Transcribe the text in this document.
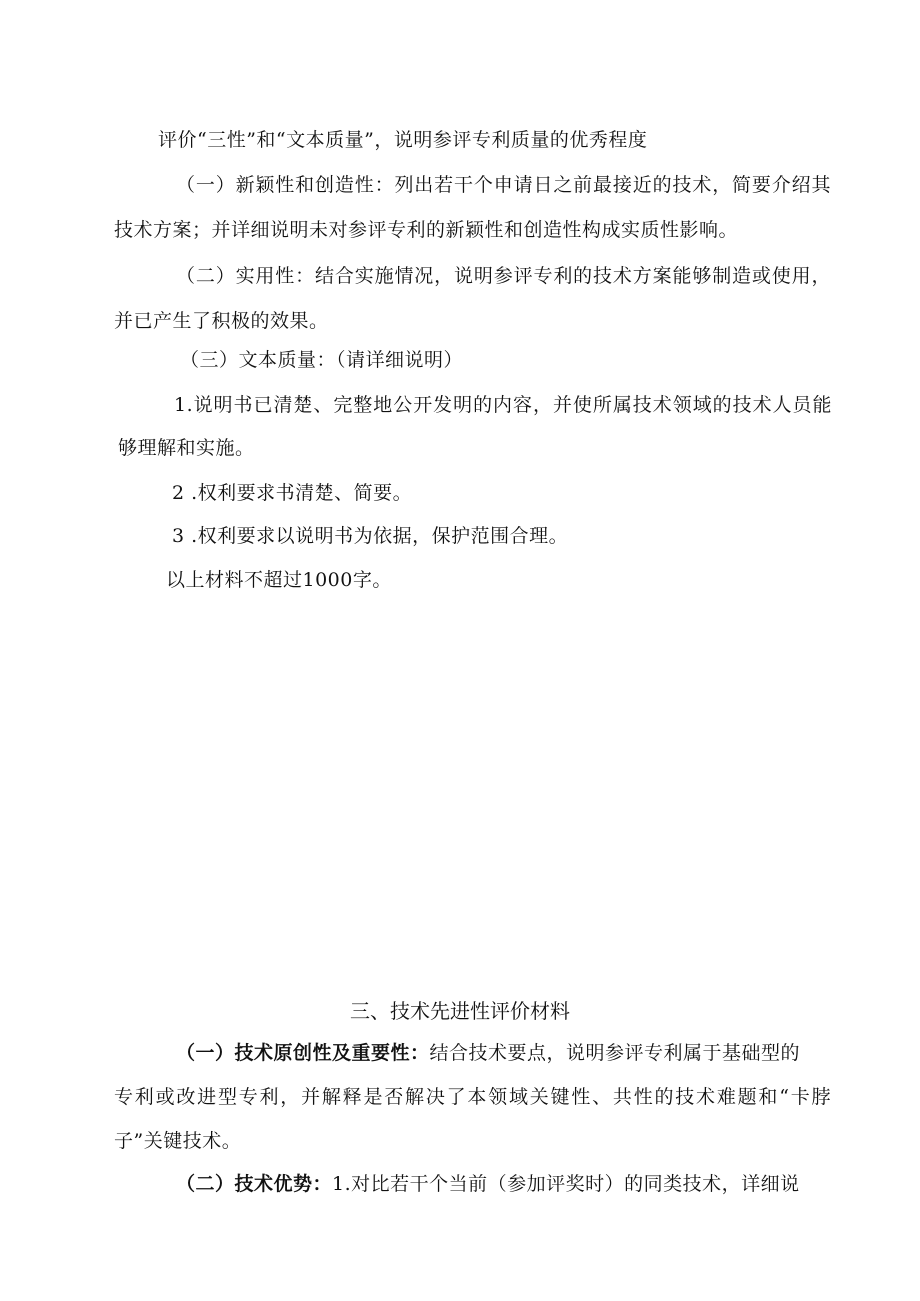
评价“三性”和“文本质量”，说明参评专利质量的优秀程度
（一）新颖性和创造性：列出若干个申请日之前最接近的技术，简要介绍其
技术方案；并详细说明未对参评专利的新颖性和创造性构成实质性影响。
（二）实用性：结合实施情况，说明参评专利的技术方案能够制造或使用，
并已产生了积极的效果。
（三）文本质量：（请详细说明）
1.说明书已清楚、完整地公开发明的内容，并使所属技术领域的技术人员能
够理解和实施。
2 .权利要求书清楚、简要。
3 .权利要求以说明书为依据，保护范围合理。
以上材料不超过1000字。
三、技术先进性评价材料
（一）技术原创性及重要性：结合技术要点，说明参评专利属于基础型的
专利或改进型专利，并解释是否解决了本领域关键性、共性的技术难题和“卡脖
子”关键技术。
（二）技术优势：1.对比若干个当前（参加评奖时）的同类技术，详细说
